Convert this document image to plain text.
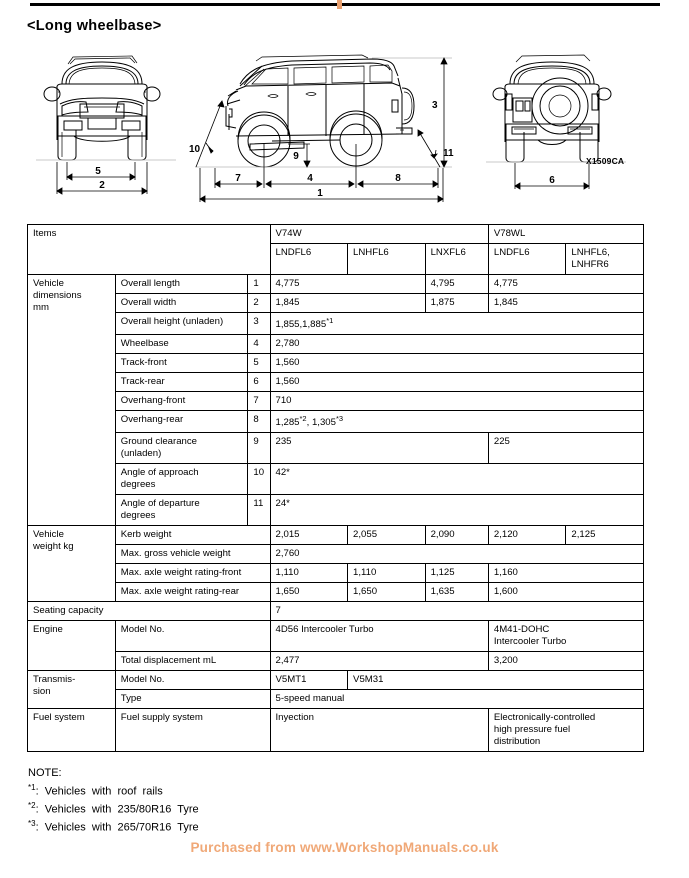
<Long wheelbase>
5
2
10	11
3
9
7	4	8
1
6
X1509CA
Items			V74W			V78WL	
			LNDFL6	LNHFL6	LNXFL6	LNDFL6	LNHFL6,
LNHFR6
Vehicle
dimensions
mm	Overall length	1	4,775		4,795	4,775	
	Overall width	2	1,845		1,875	1,845	
	Overall height (unladen)	3	1,855,1,885$^{*1}$
	Wheelbase	4	2,780				
	Track-front	5	1,560				
	Track-rear	6	1,560				
	Overhang-front	7	710				
	Overhang-rear	8	1,285$^{*2}$, 1,305$^{*3}$
	Ground clearance
(unladen)	9	235			225	
	Angle of approach
degrees	10	42*				
	Angle of departure
degrees	11	24*				
Vehicle
weight kg	Kerb weight		2,015	2,055	2,090	2,120	2,125
	Max. gross vehicle weight		2,760				
	Max. axle weight rating-front		1,110	1,110	1,125	1,160	
	Max. axle weight rating-rear		1,650	1,650	1,635	1,600	
Seating capacity			7				
Engine	Model No.		4D56 Intercooler Turbo			4M41-DOHC
Intercooler Turbo	
	Total displacement mL		2,477			3,200	
Transmis-
sion	Model No.		V5MT1	V5M31			
	Type		5-speed manual				
Fuel system	Fuel supply system		Inyection			Electronically-controlled
high pressure fuel
distribution	
NOTE:
$^{*1}$:  Vehicles  with  roof  rails
$^{*2}$:  Vehicles  with  235/80R16  Tyre
$^{*3}$:  Vehicles  with  265/70R16  Tyre
Purchased from www.WorkshopManuals.co.uk
